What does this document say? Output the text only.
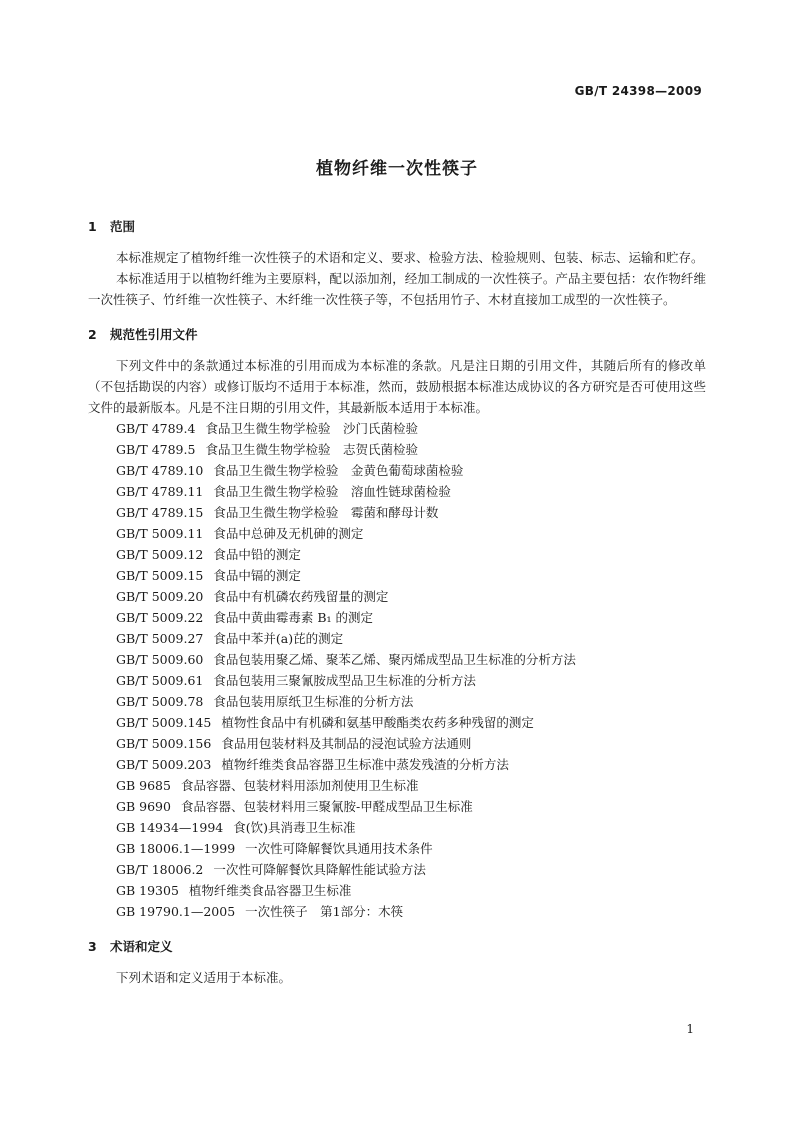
GB/T 24398—2009
植物纤维一次性筷子
1 范围

本标准规定了植物纤维一次性筷子的术语和定义、要求、检验方法、检验规则、包装、标志、运输和贮存。

本标准适用于以植物纤维为主要原料，配以添加剂，经加工制成的一次性筷子。产品主要包括：农作物纤维一次性筷子、竹纤维一次性筷子、木纤维一次性筷子等，不包括用竹子、木材直接加工成型的一次性筷子。

2 规范性引用文件

下列文件中的条款通过本标准的引用而成为本标准的条款。凡是注日期的引用文件，其随后所有的修改单（不包括勘误的内容）或修订版均不适用于本标准，然而，鼓励根据本标准达成协议的各方研究是否可使用这些文件的最新版本。凡是不注日期的引用文件，其最新版本适用于本标准。

GB/T 4789.4 食品卫生微生物学检验　沙门氏菌检验
GB/T 4789.5 食品卫生微生物学检验　志贺氏菌检验
GB/T 4789.10 食品卫生微生物学检验　金黄色葡萄球菌检验
GB/T 4789.11 食品卫生微生物学检验　溶血性链球菌检验
GB/T 4789.15 食品卫生微生物学检验　霉菌和酵母计数
GB/T 5009.11 食品中总砷及无机砷的测定
GB/T 5009.12 食品中铅的测定
GB/T 5009.15 食品中镉的测定
GB/T 5009.20 食品中有机磷农药残留量的测定
GB/T 5009.22 食品中黄曲霉毒素 B₁ 的测定
GB/T 5009.27 食品中苯并(a)芘的测定
GB/T 5009.60 食品包装用聚乙烯、聚苯乙烯、聚丙烯成型品卫生标准的分析方法
GB/T 5009.61 食品包装用三聚氰胺成型品卫生标准的分析方法
GB/T 5009.78 食品包装用原纸卫生标准的分析方法
GB/T 5009.145 植物性食品中有机磷和氨基甲酸酯类农药多种残留的测定
GB/T 5009.156 食品用包装材料及其制品的浸泡试验方法通则
GB/T 5009.203 植物纤维类食品容器卫生标准中蒸发残渣的分析方法
GB 9685 食品容器、包装材料用添加剂使用卫生标准
GB 9690 食品容器、包装材料用三聚氰胺-甲醛成型品卫生标准
GB 14934—1994 食(饮)具消毒卫生标准
GB 18006.1—1999 一次性可降解餐饮具通用技术条件
GB/T 18006.2 一次性可降解餐饮具降解性能试验方法
GB 19305 植物纤维类食品容器卫生标准
GB 19790.1—2005 一次性筷子　第1部分：木筷
3 术语和定义

下列术语和定义适用于本标准。

1
